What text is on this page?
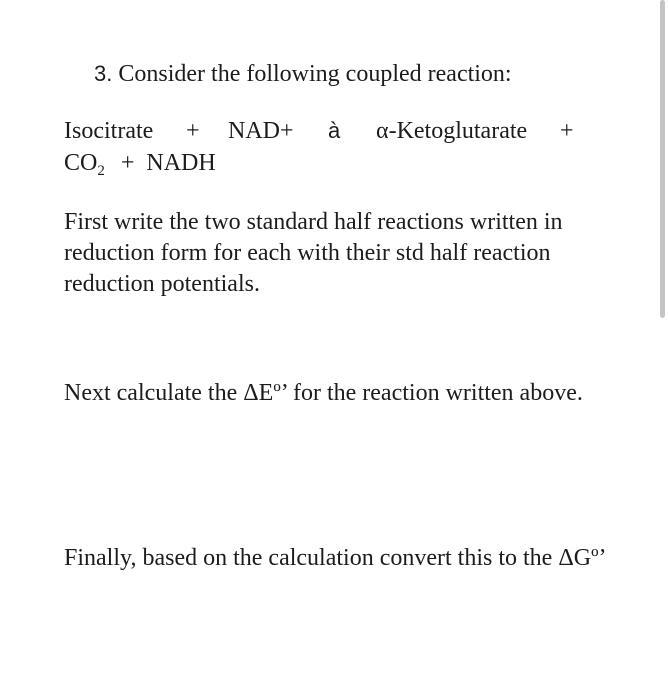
3. Consider the following coupled reaction:
Isocitrate + NAD+ à α-Ketoglutarate +
$CO_2$ + NADH
First write the two standard half reactions written in reduction form for each with their std half reaction reduction potentials.
Next calculate the ΔEº’ for the reaction written above.
Finally, based on the calculation convert this to the ΔGº’
